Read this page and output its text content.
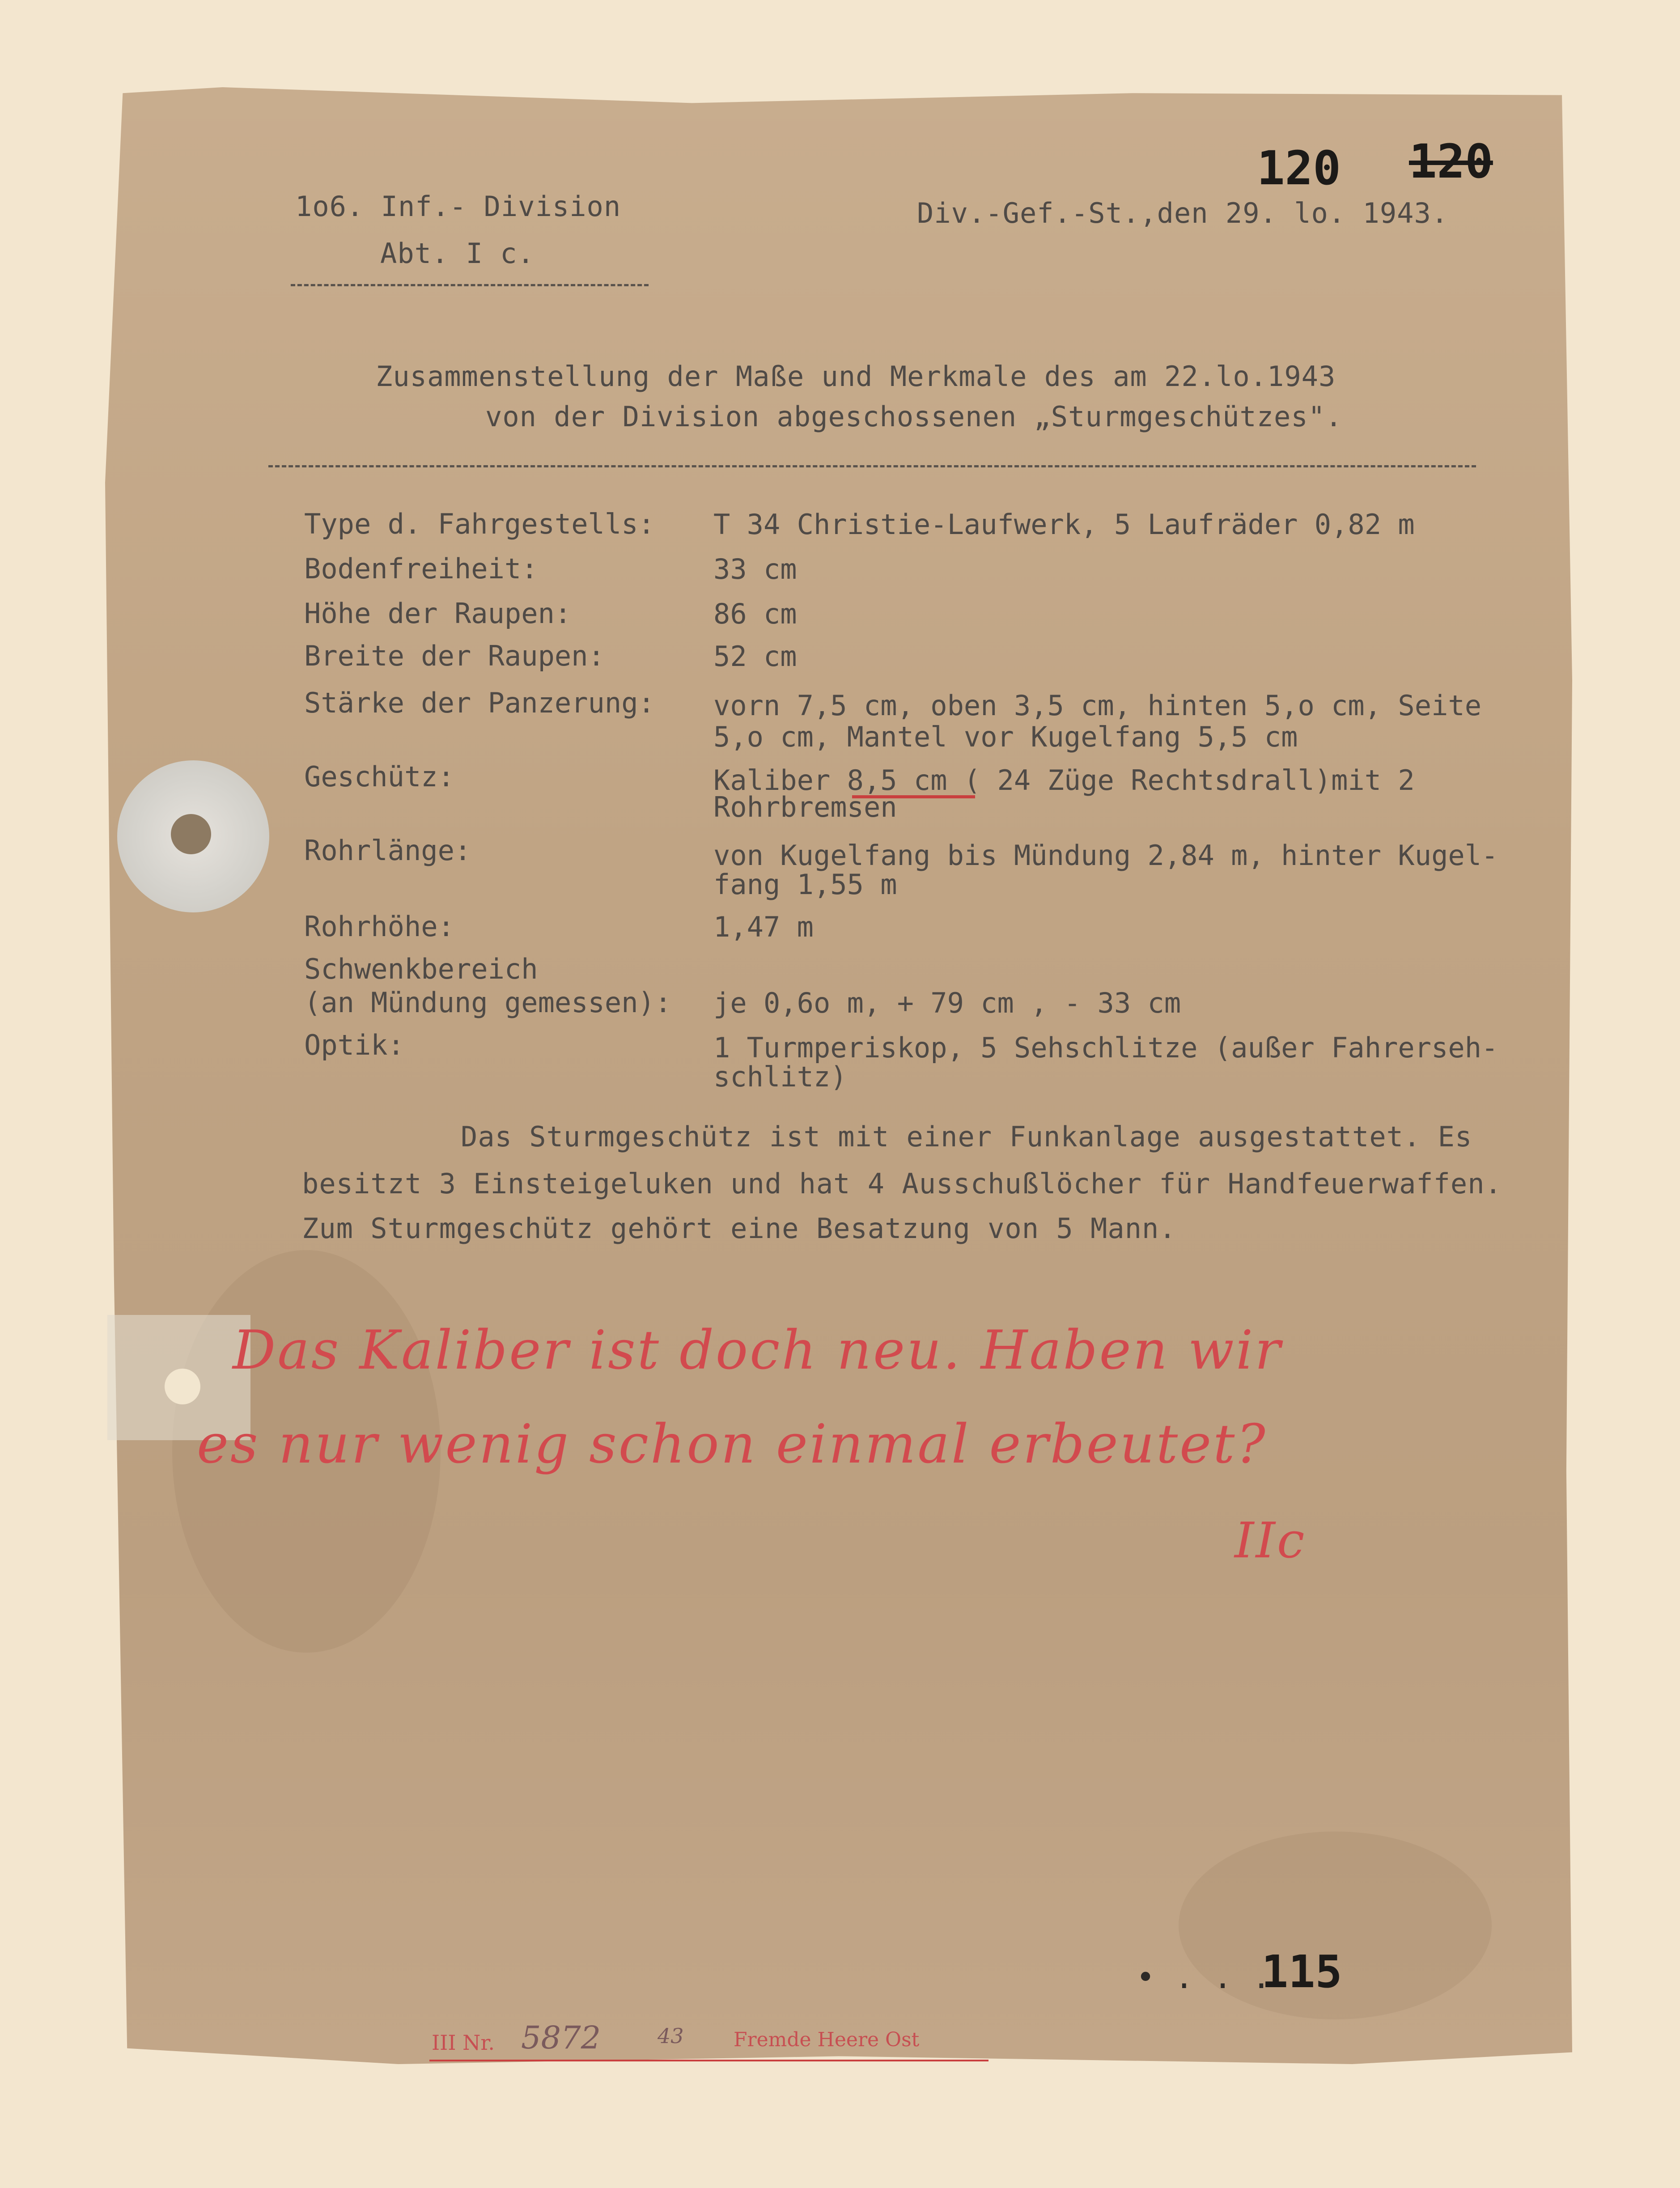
120 120
1o6. Inf.- Division
Abt. I c.
Div.-Gef.-St.,den 29. lo. 1943.
Zusammenstellung der Maße und Merkmale des am 22.lo.1943
von der Division abgeschossenen „Sturmgeschützes".
Type d. Fahrgestells: T 34 Christie-Laufwerk, 5 Laufräder 0,82 m
Bodenfreiheit:	33 cm
Höhe der Raupen:	86 cm
Breite der Raupen:	52 cm
Stärke der Panzerung: vorn 7,5 cm, oben 3,5 cm, hinten 5,o cm, Seite
5,o cm, Mantel vor Kugelfang 5,5 cm
Geschütz:	Kaliber 8,5 cm ( 24 Züge Rechtsdrall)mit 2
Rohrbremsen
Rohrlänge:	von Kugelfang bis Mündung 2,84 m, hinter Kugel-
fang 1,55 m
Rohrhöhe:	1,47 m
Schwenkbereich
(an Mündung gemessen): je 0,6o m, + 79 cm , - 33 cm
Optik:	1 Turmperiskop, 5 Sehschlitze (außer Fahrerseh-
schlitz)
Das Sturmgeschütz ist mit einer Funkanlage ausgestattet. Es
besitzt 3 Einsteigeluken und hat 4 Ausschußlöcher für Handfeuerwaffen.
Zum Sturmgeschütz gehört eine Besatzung von 5 Mann.
Das Kaliber ist doch neu. Haben wir
es nur wenig schon einmal erbeutet?
IIc
• . . .
115
III Nr. 5872	43	Fremde Heere Ost
